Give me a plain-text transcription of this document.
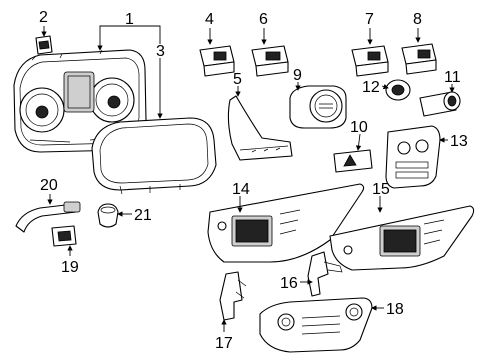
1
2
3
4
5
6	7 8
9
10
11
12
13
14	15
16
17
18
19
20
21
